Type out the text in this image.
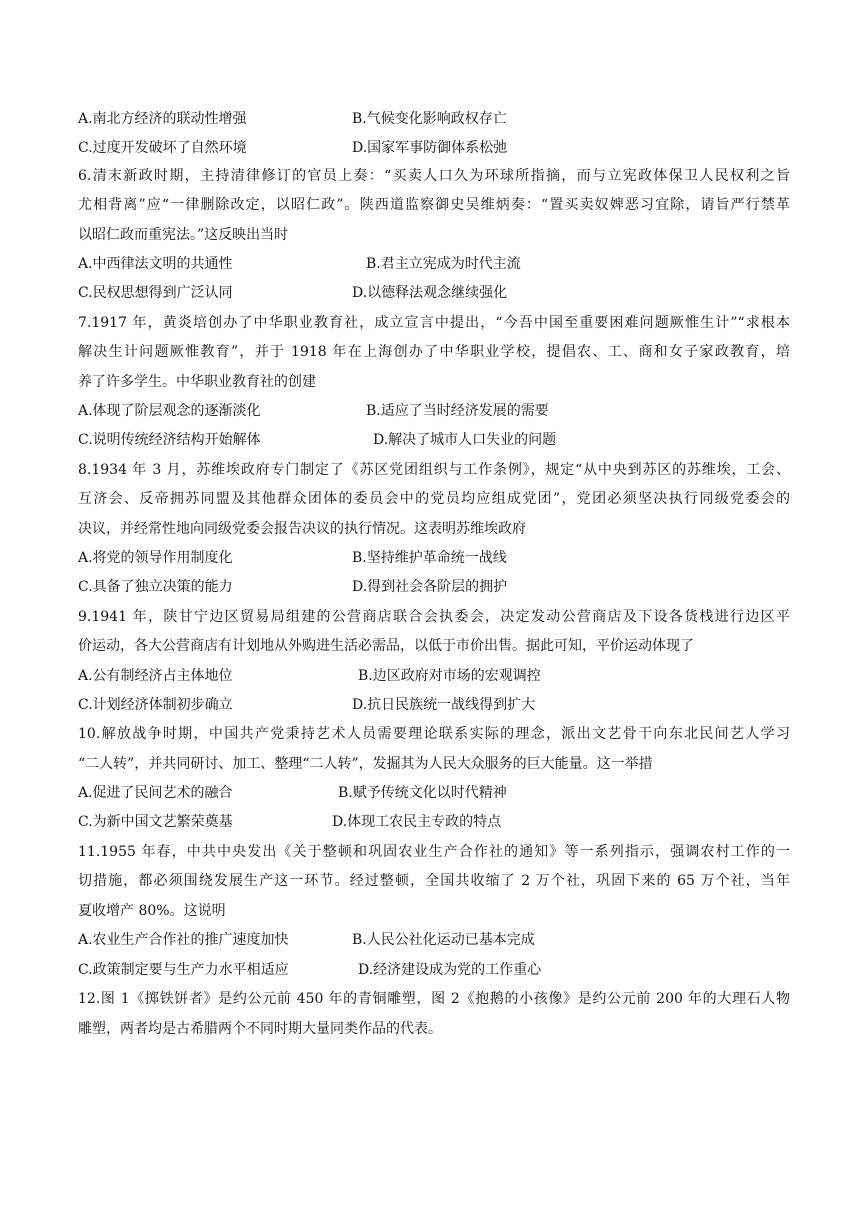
A.南北方经济的联动性增强	B.气候变化影响政权存亡
C.过度开发破坏了自然环境	D.国家军事防御体系松弛
6.清末新政时期，主持清律修订的官员上奏：“买卖人口久为环球所指摘，而与立宪政体保卫人民权利之旨
尤相背离”应“一律删除改定，以昭仁政”。陕西道监察御史吴维炳奏：“置买卖奴婢恶习宜除，请旨严行禁革
以昭仁政而重宪法。”这反映出当时
A.中西律法文明的共通性	B.君主立宪成为时代主流
C.民权思想得到广泛认同	D.以德释法观念继续强化
7.1917 年，黄炎培创办了中华职业教育社，成立宣言中提出，“今吾中国至重要困难问题厥惟生计”“求根本
解决生计问题厥惟教育”，并于 1918 年在上海创办了中华职业学校，提倡农、工、商和女子家政教育，培
养了许多学生。中华职业教育社的创建
A.体现了阶层观念的逐渐淡化	B.适应了当时经济发展的需要
C.说明传统经济结构开始解体	D.解决了城市人口失业的问题
8.1934 年 3 月，苏维埃政府专门制定了《苏区党团组织与工作条例》，规定“从中央到苏区的苏维埃，工会、
互济会、反帝拥苏同盟及其他群众团体的委员会中的党员均应组成党团”，党团必须坚决执行同级党委会的
决议，并经常性地向同级党委会报告决议的执行情况。这表明苏维埃政府
A.将党的领导作用制度化	B.坚持维护革命统一战线
C.具备了独立决策的能力	D.得到社会各阶层的拥护
9.1941 年，陕甘宁边区贸易局组建的公营商店联合会执委会，决定发动公营商店及下设各货栈进行边区平
价运动，各大公营商店有计划地从外购进生活必需品，以低于市价出售。据此可知，平价运动体现了
A.公有制经济占主体地位	B.边区政府对市场的宏观调控
C.计划经济体制初步确立	D.抗日民族统一战线得到扩大
10.解放战争时期，中国共产党秉持艺术人员需要理论联系实际的理念，派出文艺骨干向东北民间艺人学习
“二人转”，并共同研讨、加工、整理“二人转”，发掘其为人民大众服务的巨大能量。这一举措
A.促进了民间艺术的融合	B.赋予传统文化以时代精神
C.为新中国文艺繁荣奠基	D.体现工农民主专政的特点
11.1955 年春，中共中央发出《关于整顿和巩固农业生产合作社的通知》等一系列指示，强调农村工作的一
切措施，都必须围绕发展生产这一环节。经过整顿，全国共收缩了 2 万个社，巩固下来的 65 万个社，当年
夏收增产 80%。这说明
A.农业生产合作社的推广速度加快	B.人民公社化运动已基本完成
C.政策制定要与生产力水平相适应	D.经济建设成为党的工作重心
12.图 1《掷铁饼者》是约公元前 450 年的青铜雕塑，图 2《抱鹅的小孩像》是约公元前 200 年的大理石人物
雕塑，两者均是古希腊两个不同时期大量同类作品的代表。
